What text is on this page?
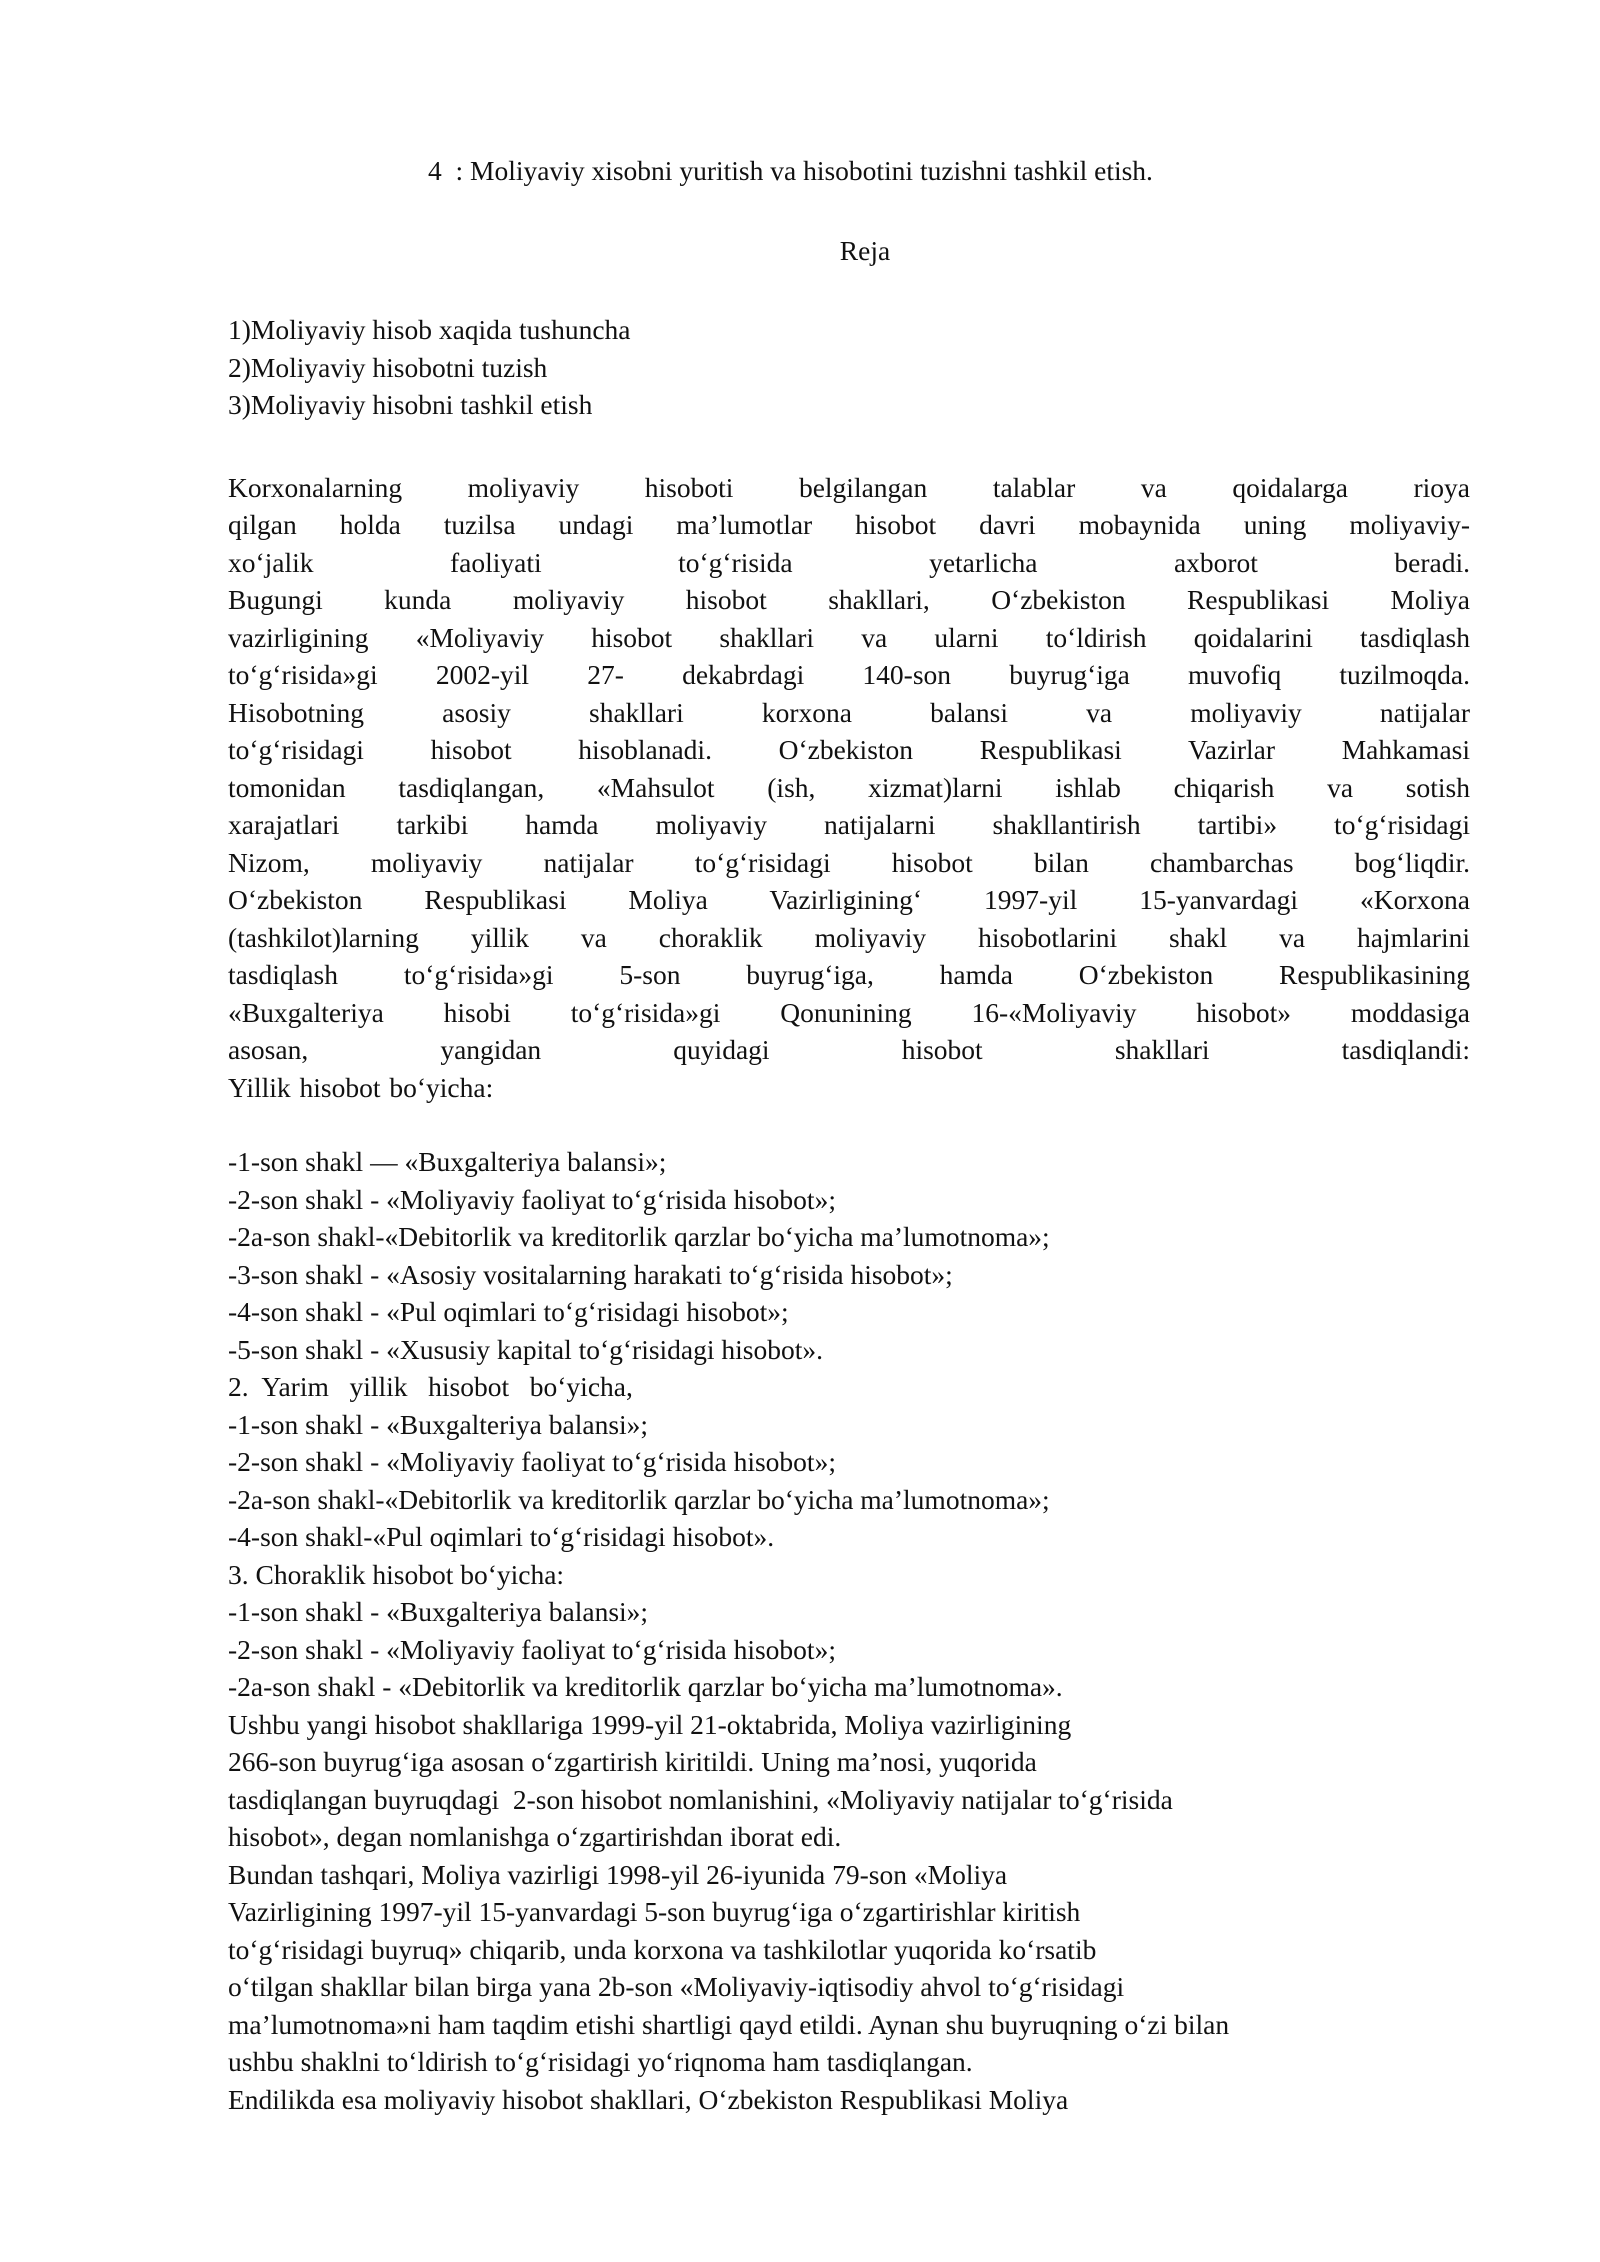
4  : Moliyaviy xisobni yuritish va hisobotini tuzishni tashkil etish.
Reja
1)Moliyaviy hisob xaqida tushuncha
2)Moliyaviy hisobotni tuzish
3)Moliyaviy hisobni tashkil etish
Korxonalarning moliyaviy hisoboti belgilangan talablar va qoidalarga rioya
qilgan holda tuzilsa undagi ma’lumotlar hisobot davri mobaynida uning moliyaviy-
xo‘jalik faoliyati to‘g‘risida yetarlicha axborot beradi.
Bugungi kunda moliyaviy hisobot shakllari, O‘zbekiston Respublikasi Moliya
vazirligining «Moliyaviy hisobot shakllari va ularni to‘ldirish qoidalarini tasdiqlash
to‘g‘risida»gi 2002-yil 27- dekabrdagi 140-son buyrug‘iga muvofiq tuzilmoqda.
Hisobotning asosiy shakllari korxona balansi va moliyaviy natijalar
to‘g‘risidagi hisobot hisoblanadi. O‘zbekiston Respublikasi Vazirlar Mahkamasi
tomonidan tasdiqlangan, «Mahsulot (ish, xizmat)larni ishlab chiqarish va sotish
xarajatlari tarkibi hamda moliyaviy natijalarni shakllantirish tartibi» to‘g‘risidagi
Nizom, moliyaviy natijalar to‘g‘risidagi hisobot bilan chambarchas bog‘liqdir.
O‘zbekiston Respublikasi Moliya Vazirligining‘ 1997-yil 15-yanvardagi «Korxona
(tashkilot)larning yillik va choraklik moliyaviy hisobotlarini shakl va hajmlarini
tasdiqlash to‘g‘risida»gi 5-son buyrug‘iga, hamda O‘zbekiston Respublikasining
«Buxgalteriya hisobi to‘g‘risida»gi Qonunining 16-«Moliyaviy hisobot» moddasiga
asosan, yangidan quyidagi hisobot shakllari tasdiqlandi:
Yillik hisobot bo‘yicha:
-1-son shakl — «Buxgalteriya balansi»;
-2-son shakl - «Moliyaviy faoliyat to‘g‘risida hisobot»;
-2a-son shakl-«Debitorlik va kreditorlik qarzlar bo‘yicha ma’lumotnoma»;
-3-son shakl - «Asosiy vositalarning harakati to‘g‘risida hisobot»;
-4-son shakl - «Pul oqimlari to‘g‘risidagi hisobot»;
-5-son shakl - «Xususiy kapital to‘g‘risidagi hisobot».
2.  Yarim   yillik   hisobot   bo‘yicha,
-1-son shakl - «Buxgalteriya balansi»;
-2-son shakl - «Moliyaviy faoliyat to‘g‘risida hisobot»;
-2a-son shakl-«Debitorlik va kreditorlik qarzlar bo‘yicha ma’lumotnoma»;
-4-son shakl-«Pul oqimlari to‘g‘risidagi hisobot».
3. Choraklik hisobot bo‘yicha:
-1-son shakl - «Buxgalteriya balansi»;
-2-son shakl - «Moliyaviy faoliyat to‘g‘risida hisobot»;
-2a-son shakl - «Debitorlik va kreditorlik qarzlar bo‘yicha ma’lumotnoma».
Ushbu yangi hisobot shakllariga 1999-yil 21-oktabrida, Moliya vazirligining
266-son buyrug‘iga asosan o‘zgartirish kiritildi. Uning ma’nosi, yuqorida
tasdiqlangan buyruqdagi  2-son hisobot nomlanishini, «Moliyaviy natijalar to‘g‘risida
hisobot», degan nomlanishga o‘zgartirishdan iborat edi.
Bundan tashqari, Moliya vazirligi 1998-yil 26-iyunida 79-son «Moliya
Vazirligining 1997-yil 15-yanvardagi 5-son buyrug‘iga o‘zgartirishlar kiritish
to‘g‘risidagi buyruq» chiqarib, unda korxona va tashkilotlar yuqorida ko‘rsatib
o‘tilgan shakllar bilan birga yana 2b-son «Moliyaviy-iqtisodiy ahvol to‘g‘risidagi
ma’lumotnoma»ni ham taqdim etishi shartligi qayd etildi. Aynan shu buyruqning o‘zi bilan
ushbu shaklni to‘ldirish to‘g‘risidagi yo‘riqnoma ham tasdiqlangan.
Endilikda esa moliyaviy hisobot shakllari, O‘zbekiston Respublikasi Moliya
